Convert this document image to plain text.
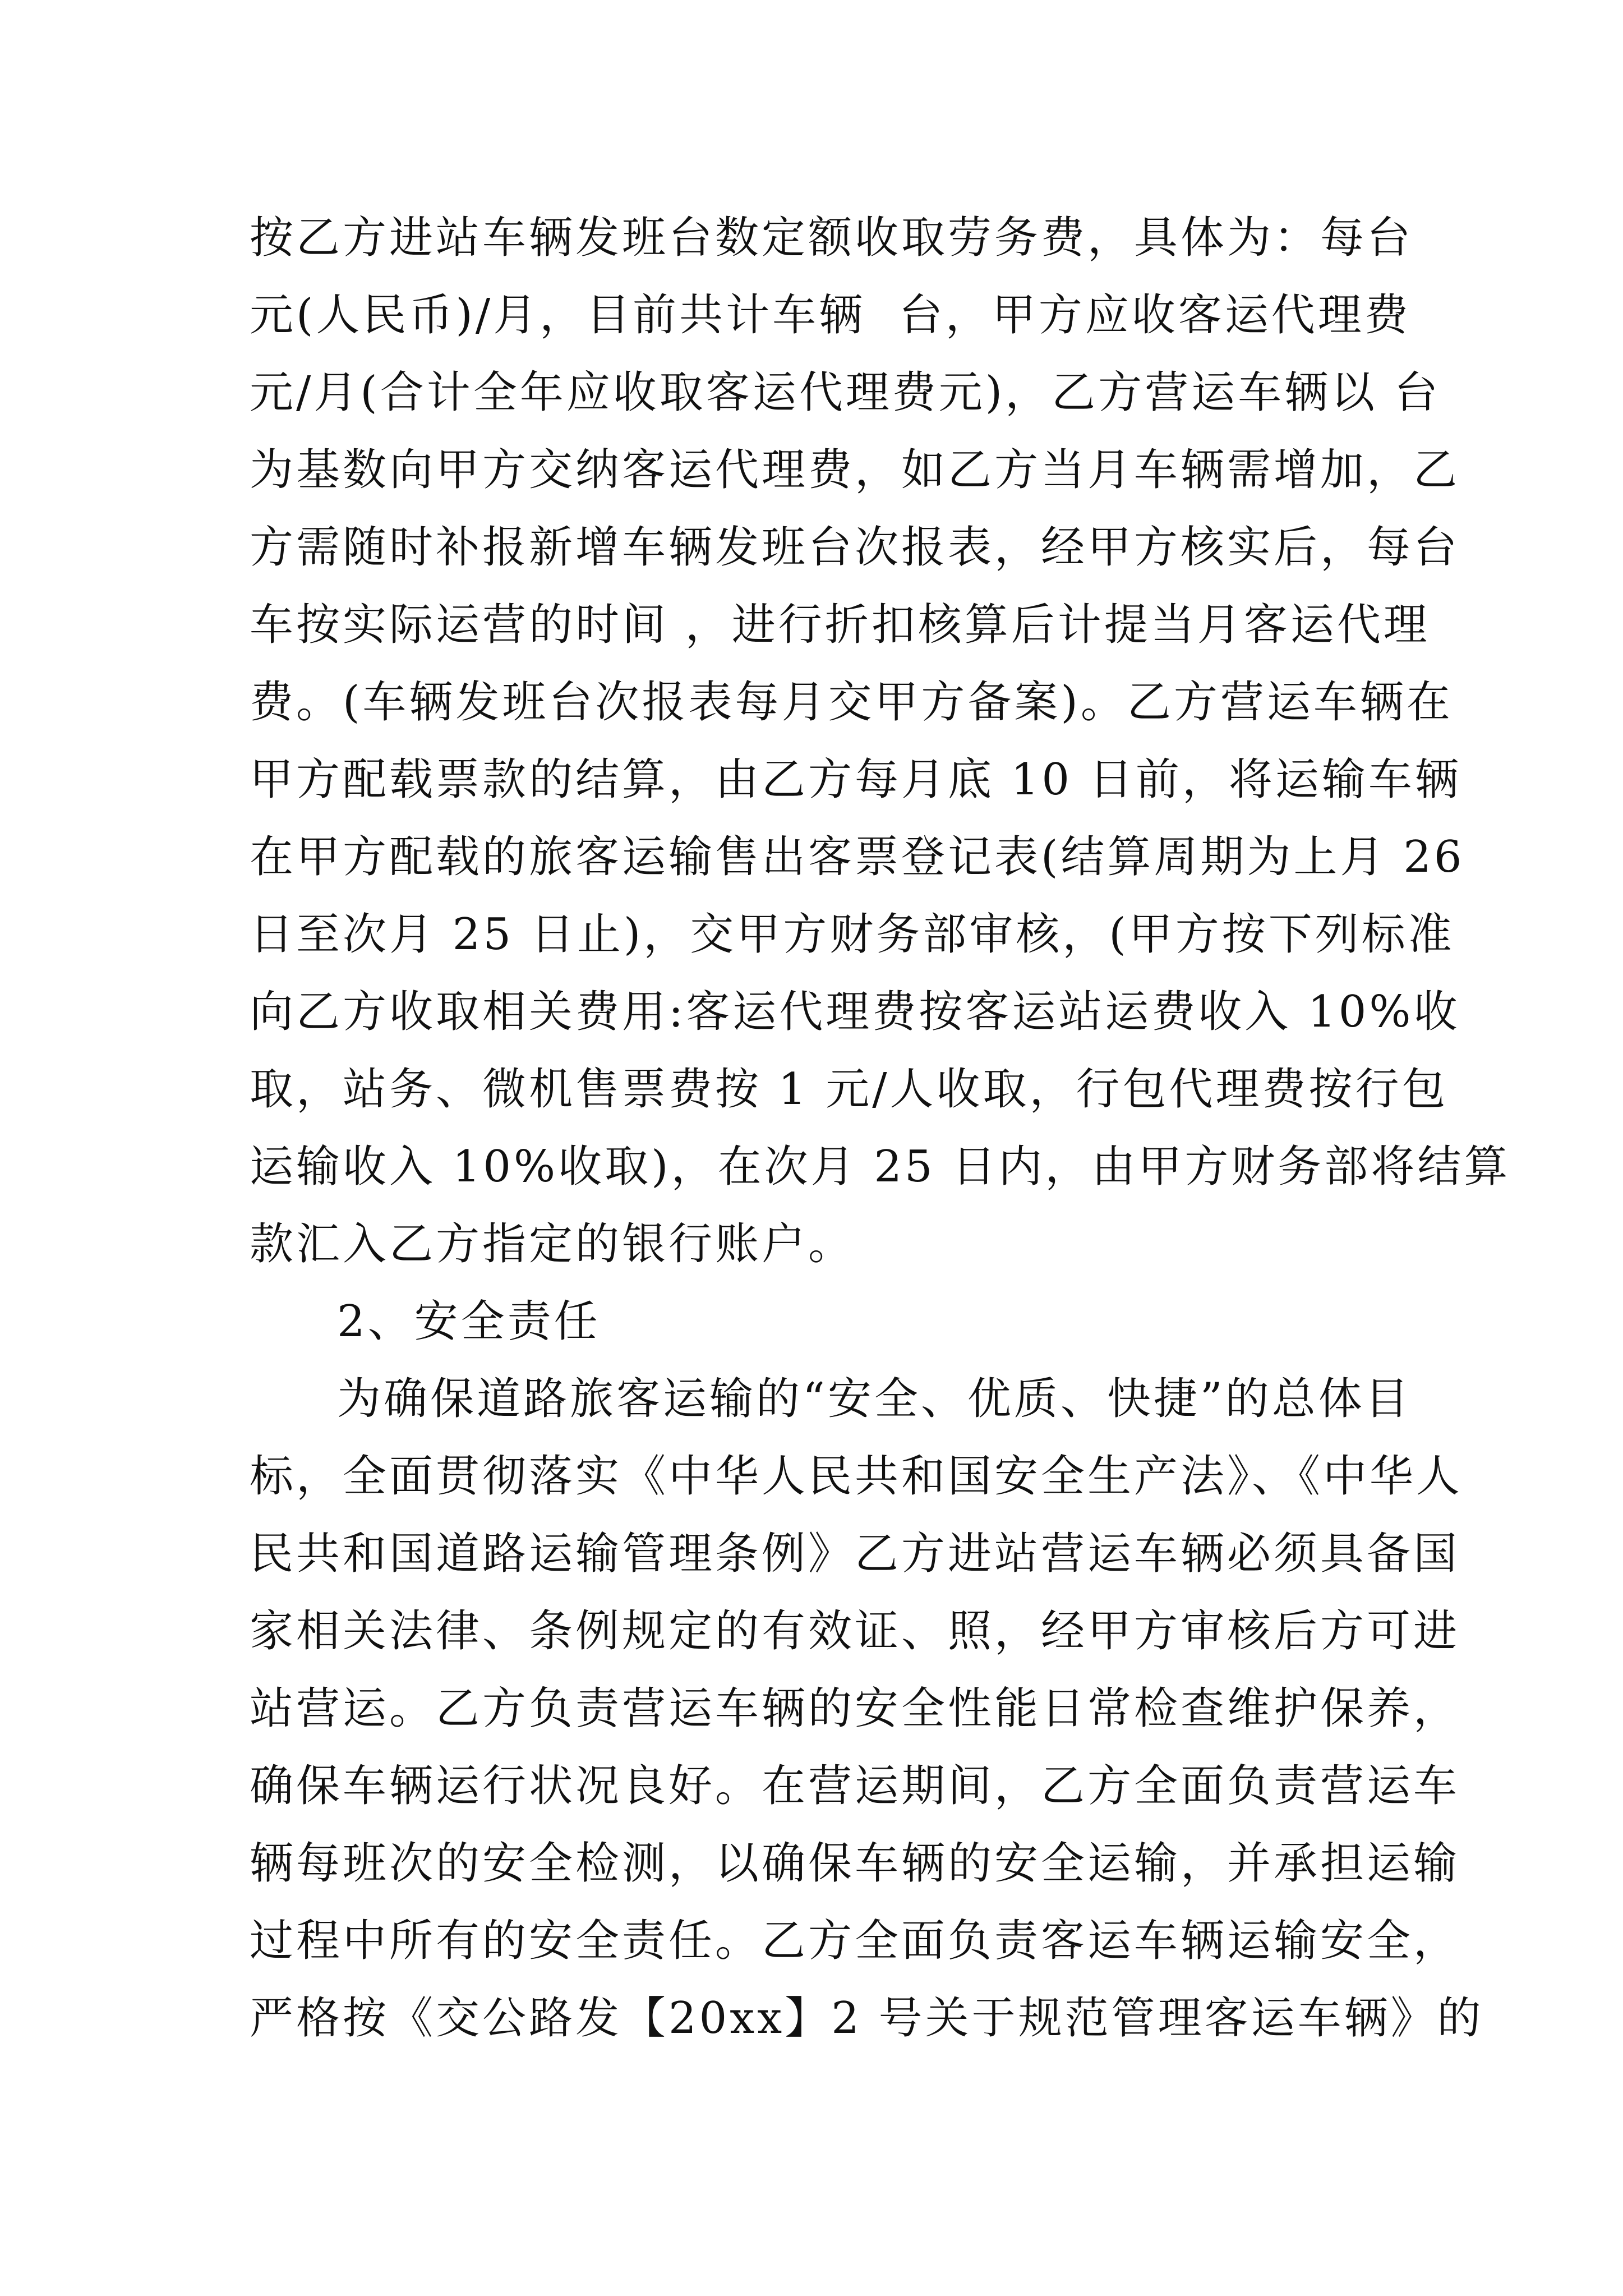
按乙方进站车辆发班台数定额收取劳务费，具体为：每台
元(人民币)/月，目前共计车辆  台，甲方应收客运代理费
元/月(合计全年应收取客运代理费元)，乙方营运车辆以 台
为基数向甲方交纳客运代理费，如乙方当月车辆需增加，乙
方需随时补报新增车辆发班台次报表，经甲方核实后，每台
车按实际运营的时间 ，进行折扣核算后计提当月客运代理
费。(车辆发班台次报表每月交甲方备案)。乙方营运车辆在
甲方配载票款的结算，由乙方每月底 10 日前，将运输车辆
在甲方配载的旅客运输售出客票登记表(结算周期为上月 26
日至次月 25 日止)，交甲方财务部审核，(甲方按下列标准
向乙方收取相关费用:客运代理费按客运站运费收入 10%收
取，站务、微机售票费按 1 元/人收取，行包代理费按行包
运输收入 10%收取)，在次月 25 日内，由甲方财务部将结算
款汇入乙方指定的银行账户。
2、安全责任
为确保道路旅客运输的“安全、优质、快捷”的总体目
标，全面贯彻落实《中华人民共和国安全生产法》、《中华人
民共和国道路运输管理条例》乙方进站营运车辆必须具备国
家相关法律、条例规定的有效证、照，经甲方审核后方可进
站营运。乙方负责营运车辆的安全性能日常检查维护保养，
确保车辆运行状况良好。在营运期间，乙方全面负责营运车
辆每班次的安全检测，以确保车辆的安全运输，并承担运输
过程中所有的安全责任。乙方全面负责客运车辆运输安全，
严格按《交公路发【20xx】2 号关于规范管理客运车辆》的
